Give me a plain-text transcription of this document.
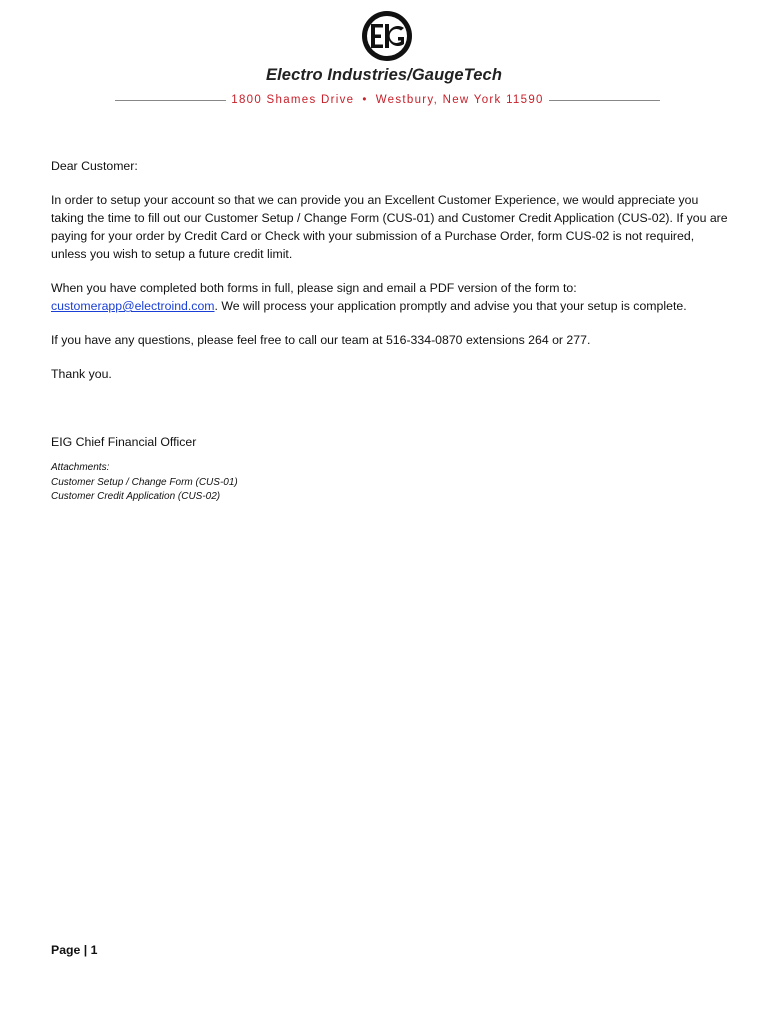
Electro Industries/GaugeTech
1800 Shames Drive • Westbury, New York 11590

Dear Customer:

In order to setup your account so that we can provide you an Excellent Customer Experience, we would appreciate you taking the time to fill out our Customer Setup / Change Form (CUS-01) and Customer Credit Application (CUS-02). If you are paying for your order by Credit Card or Check with your submission of a Purchase Order, form CUS-02 is not required, unless you wish to setup a future credit limit.

When you have completed both forms in full, please sign and email a PDF version of the form to:
customerapp@electroind.com. We will process your application promptly and advise you that your setup is complete.

If you have any questions, please feel free to call our team at 516-334-0870 extensions 264 or 277.

Thank you.

EIG Chief Financial Officer

Attachments:
Customer Setup / Change Form (CUS-01)
Customer Credit Application (CUS-02)
Page | 1
